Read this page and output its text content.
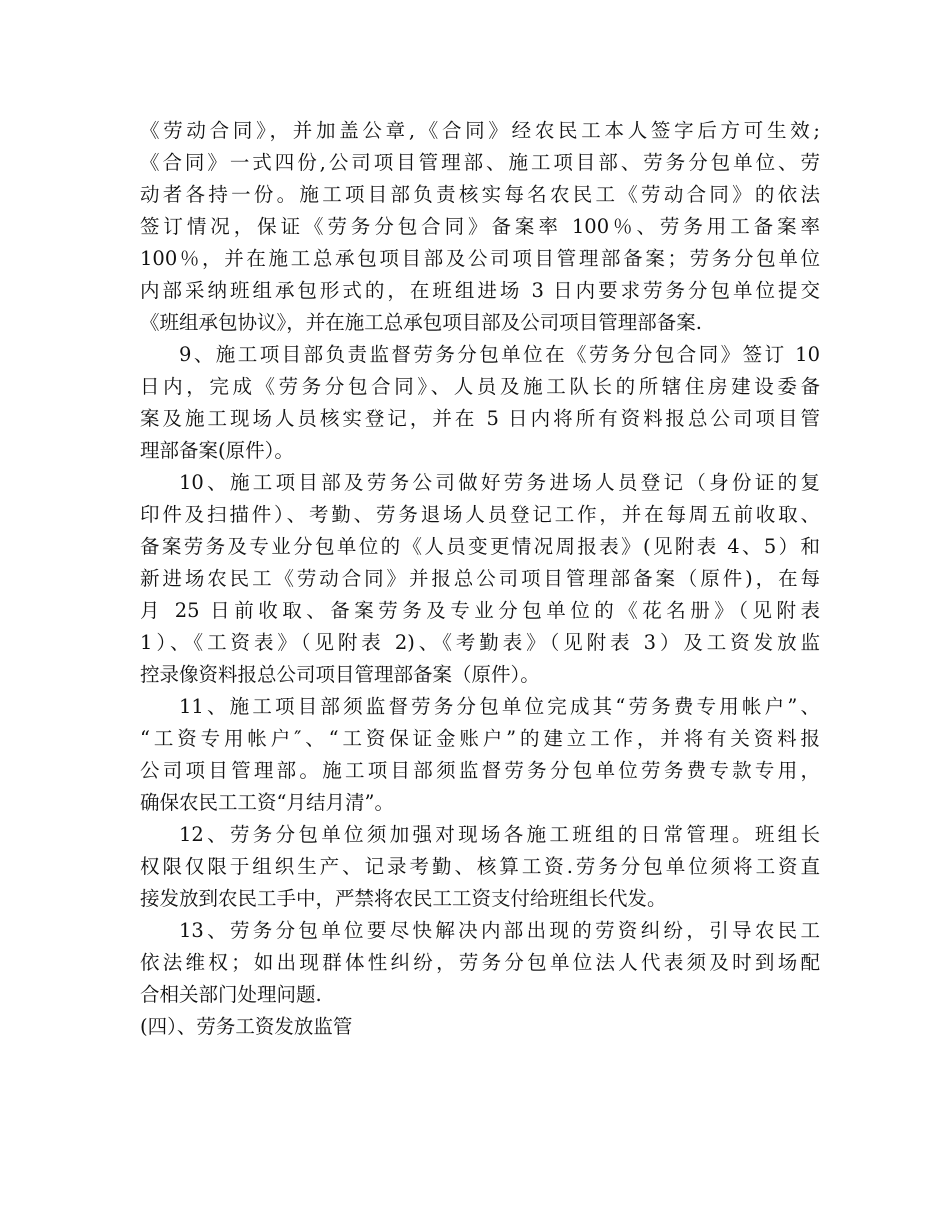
《劳动合同》，并加盖公章,《合同》经农民工本人签字后方可生效;
《合同》一式四份,公司项目管理部、施工项目部、劳务分包单位、劳
动者各持一份。施工项目部负责核实每名农民工《劳动合同》的依法
签订情况，保证《劳务分包合同》备案率 100％、劳务用工备案率
100％，并在施工总承包项目部及公司项目管理部备案；劳务分包单位
内部采纳班组承包形式的，在班组进场 3 日内要求劳务分包单位提交
《班组承包协议》，并在施工总承包项目部及公司项目管理部备案.
9、施工项目部负责监督劳务分包单位在《劳务分包合同》签订 10
日内，完成《劳务分包合同》、人员及施工队长的所辖住房建设委备
案及施工现场人员核实登记，并在 5 日内将所有资料报总公司项目管
理部备案(原件）。
10、施工项目部及劳务公司做好劳务进场人员登记（身份证的复
印件及扫描件）、考勤、劳务退场人员登记工作，并在每周五前收取、
备案劳务及专业分包单位的《人员变更情况周报表》(见附表 4、5）和
新进场农民工《劳动合同》并报总公司项目管理部备案（原件)，在每
月 25 日前收取、备案劳务及专业分包单位的《花名册》（见附表
1）、《工资表》（见附表 2)、《考勤表》（见附表 3）及工资发放监
控录像资料报总公司项目管理部备案（原件）。
11、施工项目部须监督劳务分包单位完成其“劳务费专用帐户”、
“工资专用帐户″、“工资保证金账户”的建立工作，并将有关资料报
公司项目管理部。施工项目部须监督劳务分包单位劳务费专款专用，
确保农民工工资“月结月清”。
12、劳务分包单位须加强对现场各施工班组的日常管理。班组长
权限仅限于组织生产、记录考勤、核算工资.劳务分包单位须将工资直
接发放到农民工手中，严禁将农民工工资支付给班组长代发。
13、劳务分包单位要尽快解决内部出现的劳资纠纷，引导农民工
依法维权；如出现群体性纠纷，劳务分包单位法人代表须及时到场配
合相关部门处理问题.
(四）、劳务工资发放监管
